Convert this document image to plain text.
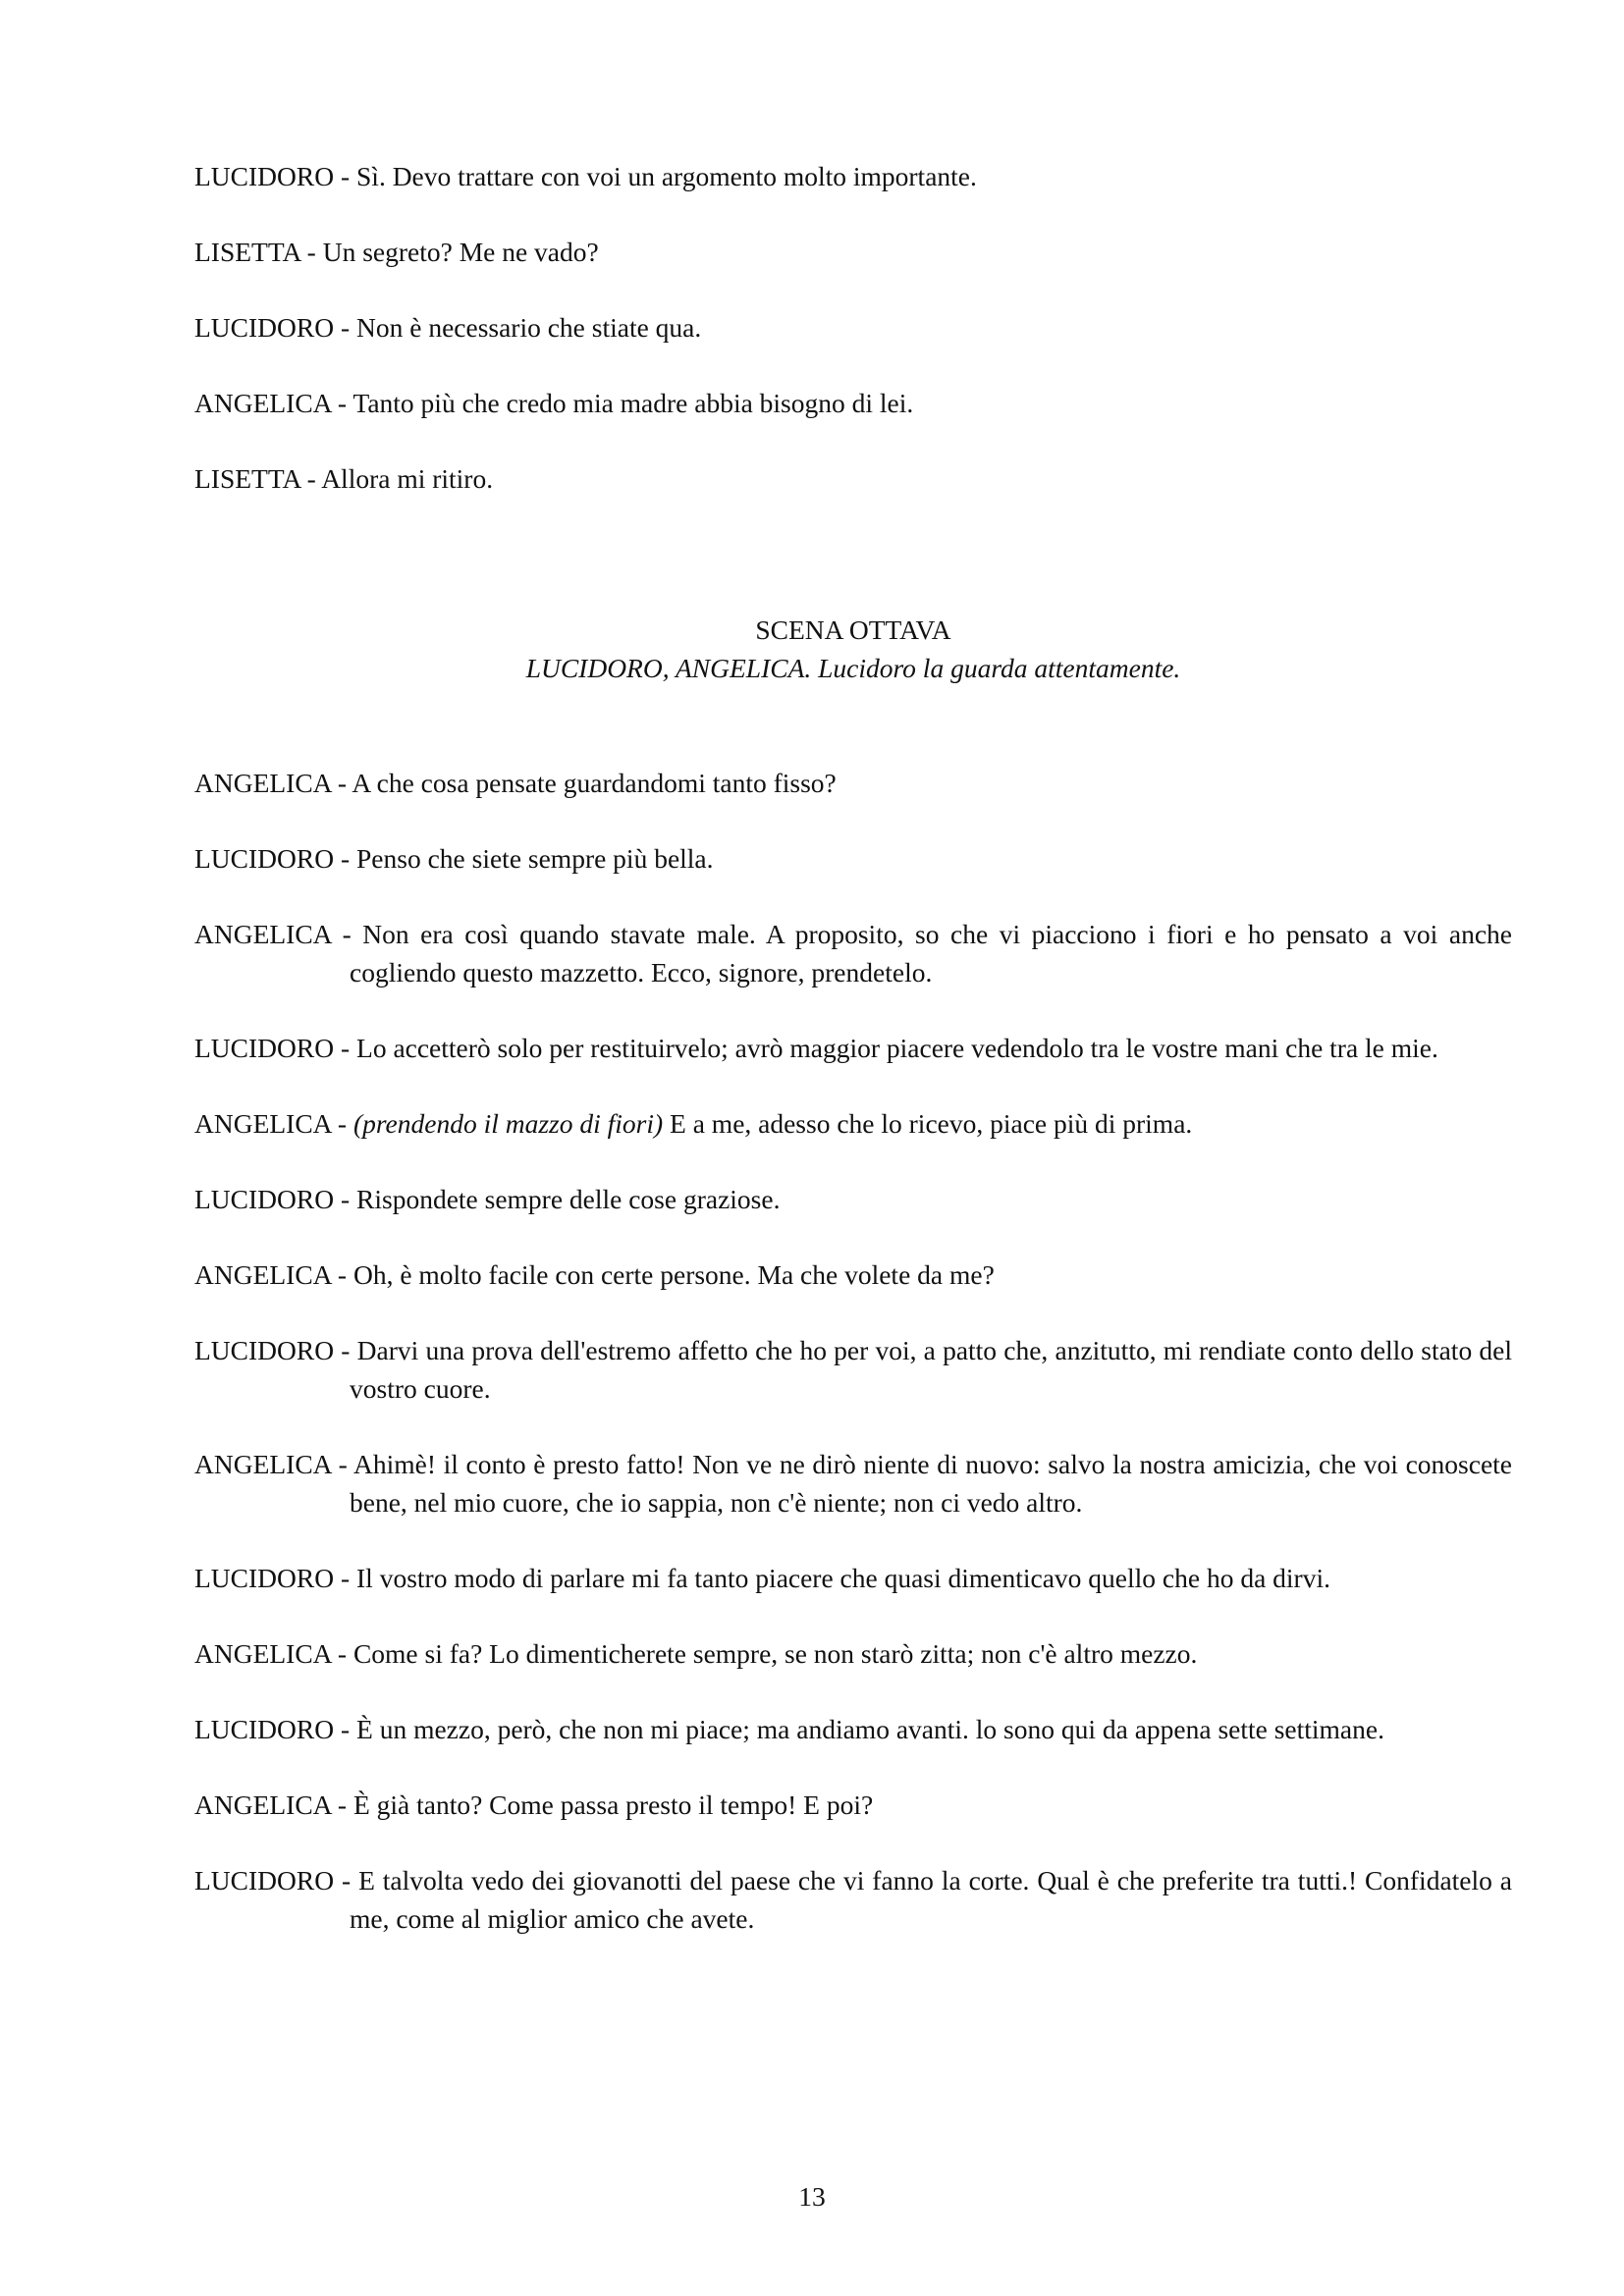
LUCIDORO - Sì. Devo trattare con voi un argomento molto importante.

LISETTA - Un segreto? Me ne vado?

LUCIDORO - Non è necessario che stiate qua.

ANGELICA - Tanto più che credo mia madre abbia bisogno di lei.

LISETTA - Allora mi ritiro.

SCENA OTTAVA
LUCIDORO, ANGELICA. Lucidoro la guarda attentamente.

ANGELICA - A che cosa pensate guardandomi tanto fisso?

LUCIDORO - Penso che siete sempre più bella.

ANGELICA - Non era così quando stavate male. A proposito, so che vi piacciono i fiori e ho pensato a voi anche cogliendo questo mazzetto. Ecco, signore, prendetelo.

LUCIDORO - Lo accetterò solo per restituirvelo; avrò maggior piacere vedendolo tra le vostre mani che tra le mie.

ANGELICA - (prendendo il mazzo di fiori) E a me, adesso che lo ricevo, piace più di prima.

LUCIDORO - Rispondete sempre delle cose graziose.

ANGELICA - Oh, è molto facile con certe persone. Ma che volete da me?

LUCIDORO - Darvi una prova dell'estremo affetto che ho per voi, a patto che, anzitutto, mi rendiate conto dello stato del vostro cuore.

ANGELICA - Ahimè! il conto è presto fatto! Non ve ne dirò niente di nuovo: salvo la nostra amicizia, che voi conoscete bene, nel mio cuore, che io sappia, non c'è niente; non ci vedo altro.

LUCIDORO - Il vostro modo di parlare mi fa tanto piacere che quasi dimenticavo quello che ho da dirvi.

ANGELICA - Come si fa? Lo dimenticherete sempre, se non starò zitta; non c'è altro mezzo.

LUCIDORO - È un mezzo, però, che non mi piace; ma andiamo avanti. lo sono qui da appena sette settimane.

ANGELICA - È già tanto? Come passa presto il tempo! E poi?

LUCIDORO - E talvolta vedo dei giovanotti del paese che vi fanno la corte. Qual è che preferite tra tutti.! Confidatelo a me, come al miglior amico che avete.

13
